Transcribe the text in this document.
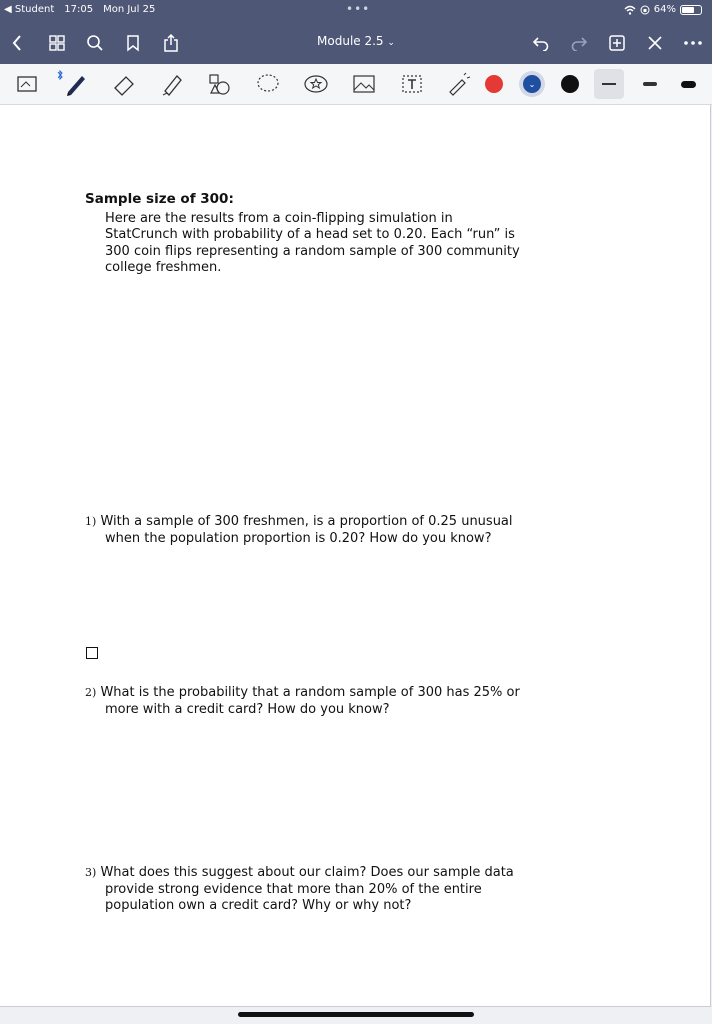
◀ Student 17:05 Mon Jul 25	•••	64%
Module 2.5 ⌄
⌄
Sample size of 300:
Here are the results from a coin-flipping simulation in
StatCrunch with probability of a head set to 0.20. Each “run” is
300 coin flips representing a random sample of 300 community
college freshmen.
1) With a sample of 300 freshmen, is a proportion of 0.25 unusual
when the population proportion is 0.20? How do you know?
2) What is the probability that a random sample of 300 has 25% or
more with a credit card? How do you know?
3) What does this suggest about our claim? Does our sample data
provide strong evidence that more than 20% of the entire
population own a credit card? Why or why not?
